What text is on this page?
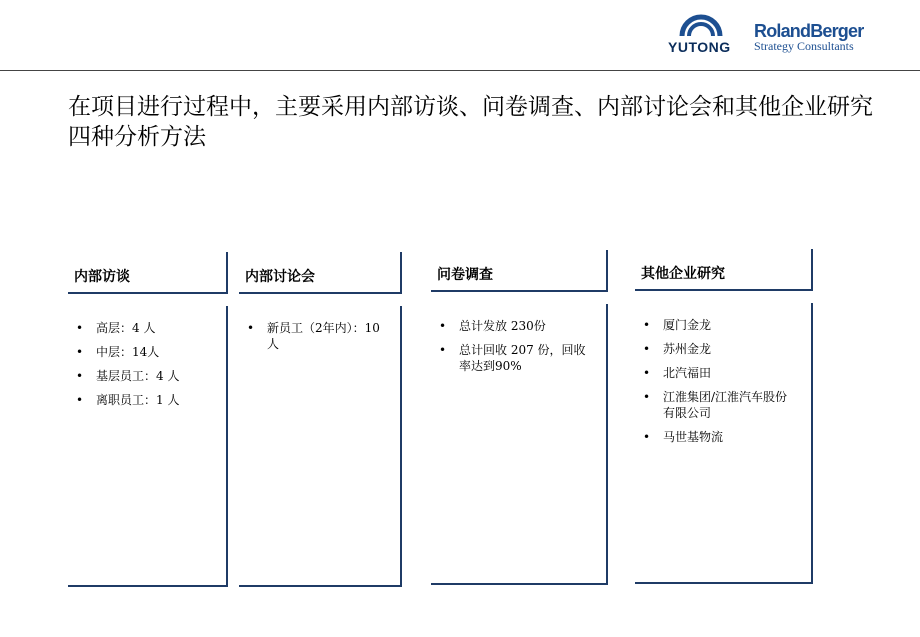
YUTONG
RolandBerger
Strategy Consultants
在项目进行过程中，主要采用内部访谈、问卷调查、内部讨论会和其他企业研究四种分析方法
内部访谈
• 高层：4 人
• 中层：14人
• 基层员工：4 人
• 离职员工：1 人
内部讨论会
• 新员工（2年内）：10 人
问卷调查
• 总计发放 230份
• 总计回收 207 份，回收率达到90%
其他企业研究
• 厦门金龙
• 苏州金龙
• 北汽福田
• 江淮集团/江淮汽车股份有限公司
• 马世基物流
